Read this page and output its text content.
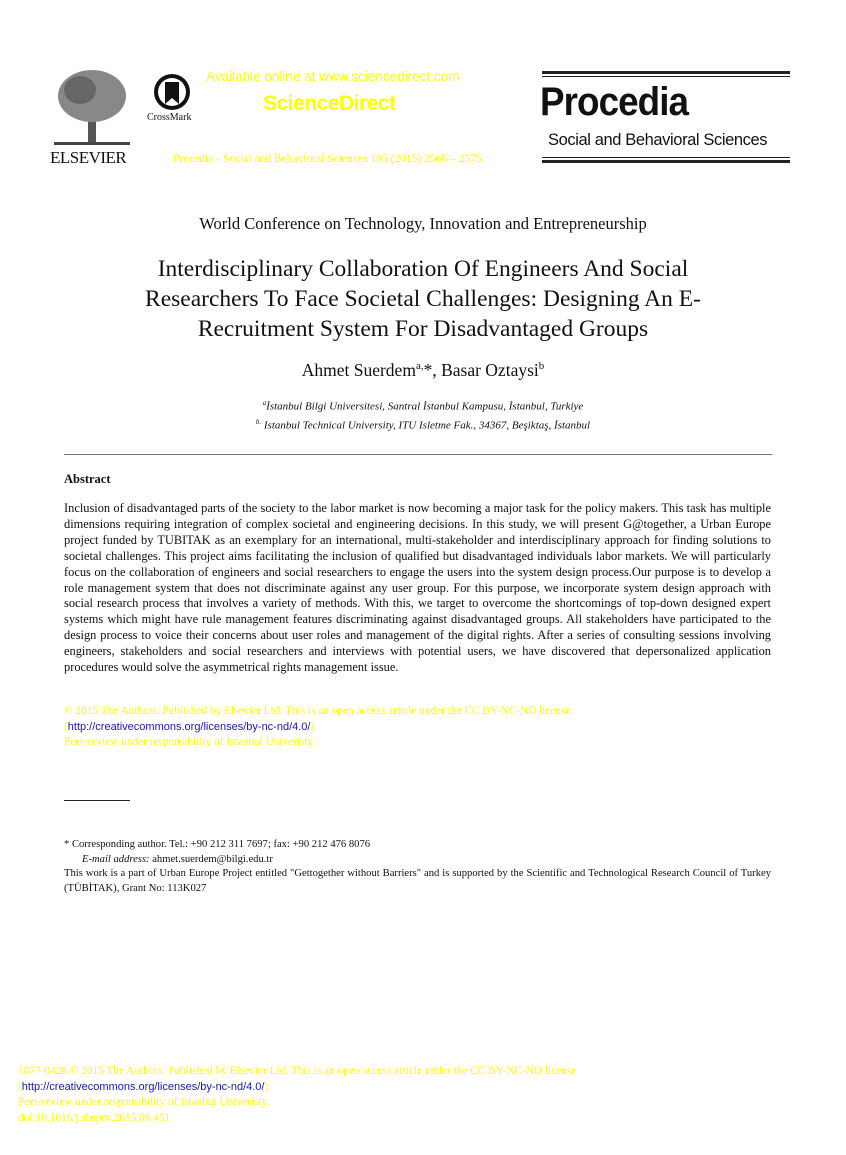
ELSEVIER
CrossMark
Available online at www.sciencedirect.com
ScienceDirect
Procedia - Social and Behavioral Sciences 195 (2015) 2566 – 2575
Procedia
Social and Behavioral Sciences
World Conference on Technology, Innovation and Entrepreneurship
Interdisciplinary Collaboration Of Engineers And Social
Researchers To Face Societal Challenges: Designing An E-
Recruitment System For Disadvantaged Groups
Ahmet Suerdem$^{a,}$*, Basar Oztaysi$^b$
$^a$İstanbul Bilgi Universitesi, Santral İstanbul Kampusu, İstanbul, Turkiye
$^{b.}$ Istanbul Technical University, ITU Isletme Fak., 34367, Beşiktaş, İstanbul
Abstract
Inclusion of disadvantaged parts of the society to the labor market is now becoming a major task for the policy makers. This task has multiple dimensions requiring integration of complex societal and engineering decisions. In this study, we will present G@together, a Urban Europe project funded by TUBITAK as an exemplary for an international, multi-stakeholder and interdisciplinary approach for finding solutions to societal challenges. This project aims facilitating the inclusion of qualified but disadvantaged individuals labor markets. We will particularly focus on the collaboration of engineers and social researchers to engage the users into the system design process.Our purpose is to develop a role management system that does not discriminate against any user group. For this purpose, we incorporate system design approach with social research process that involves a variety of methods. With this, we target to overcome the shortcomings of top-down designed expert systems which might have rule management features discriminating against disadvantaged groups. All stakeholders have participated to the design process to voice their concerns about user roles and management of the digital rights. After a series of consulting sessions involving engineers, stakeholders and social researchers and interviews with potential users, we have discovered that depersonalized application procedures would solve the asymmetrical rights management issue.
© 2015 The Authors. Published by Elsevier Ltd. This is an open access article under the CC BY-NC-ND license
(http://creativecommons.org/licenses/by-nc-nd/4.0/).
Peer-review under responsibility of Istanbul Univeristy.
* Corresponding author. Tel.: +90 212 311 7697; fax: +90 212 476 8076
E-mail address: ahmet.suerdem@bilgi.edu.tr
This work is a part of Urban Europe Project entitled "Gettogether without Barriers" and is supported by the Scientific and Technological Research Council of Turkey (TÜBİTAK), Grant No: 113K027
1877-0428 © 2015 The Authors. Published by Elsevier Ltd. This is an open access article under the CC BY-NC-ND license
(http://creativecommons.org/licenses/by-nc-nd/4.0/).
Peer-review under responsibility of Istanbul Univeristy.
doi:10.1016/j.sbspro.2015.06.451
